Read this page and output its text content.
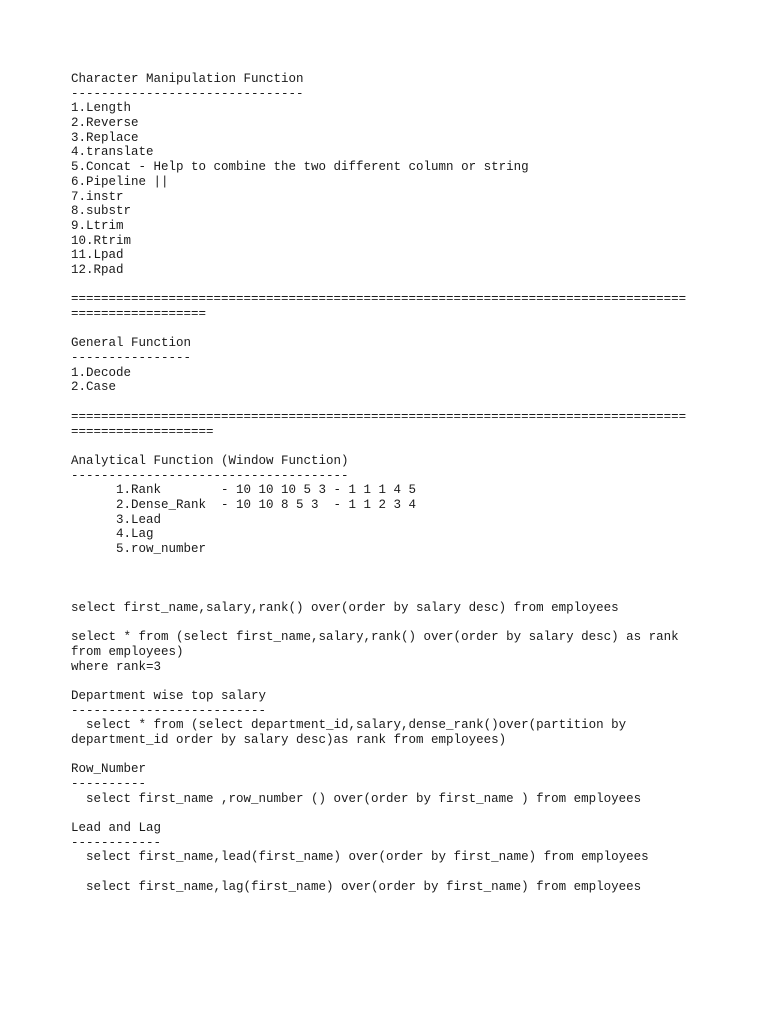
Character Manipulation Function
-------------------------------
1.Length
2.Reverse
3.Replace
4.translate
5.Concat - Help to combine the two different column or string
6.Pipeline ||
7.instr
8.substr
9.Ltrim
10.Rtrim
11.Lpad
12.Rpad
==================================================================================
==================
General Function
----------------
1.Decode
2.Case
==================================================================================
===================
Analytical Function (Window Function)
-------------------------------------
1.Rank        - 10 10 10 5 3 - 1 1 1 4 5
2.Dense_Rank  - 10 10 8 5 3  - 1 1 2 3 4
3.Lead
4.Lag
5.row_number
select first_name,salary,rank() over(order by salary desc) from employees
select * from (select first_name,salary,rank() over(order by salary desc) as rank
from employees)
where rank=3
Department wise top salary
--------------------------
select * from (select department_id,salary,dense_rank()over(partition by
department_id order by salary desc)as rank from employees)
Row_Number
----------
select first_name ,row_number () over(order by first_name ) from employees
Lead and Lag
------------
select first_name,lead(first_name) over(order by first_name) from employees
select first_name,lag(first_name) over(order by first_name) from employees
